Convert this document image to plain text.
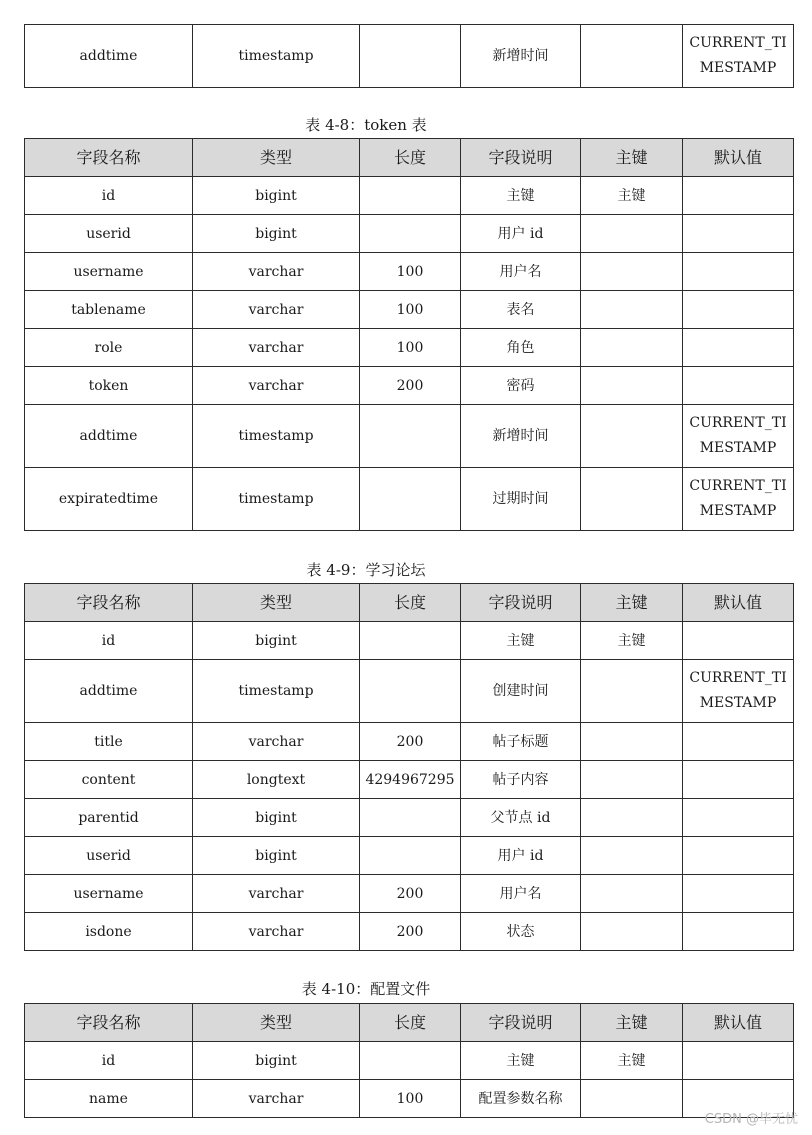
addtime	timestamp		新增时间		CURRENT_TIMESTAMP
表 4-8：token 表
字段名称	类型	长度	字段说明	主键	默认值
id	bigint		主键	主键	
userid	bigint		用户 id		
username	varchar	100	用户名		
tablename	varchar	100	表名		
role	varchar	100	角色		
token	varchar	200	密码		
addtime	timestamp		新增时间		CURRENT_TIMESTAMP
expiratedtime	timestamp		过期时间		CURRENT_TIMESTAMP
表 4-9：学习论坛
字段名称	类型	长度	字段说明	主键	默认值
id	bigint		主键	主键	
addtime	timestamp		创建时间		CURRENT_TIMESTAMP
title	varchar	200	帖子标题		
content	longtext	4294967295	帖子内容		
parentid	bigint		父节点 id		
userid	bigint		用户 id		
username	varchar	200	用户名		
isdone	varchar	200	状态		
表 4-10：配置文件
字段名称	类型	长度	字段说明	主键	默认值
id	bigint		主键	主键	
name	varchar	100	配置参数名称		
CSDN @毕无忧
